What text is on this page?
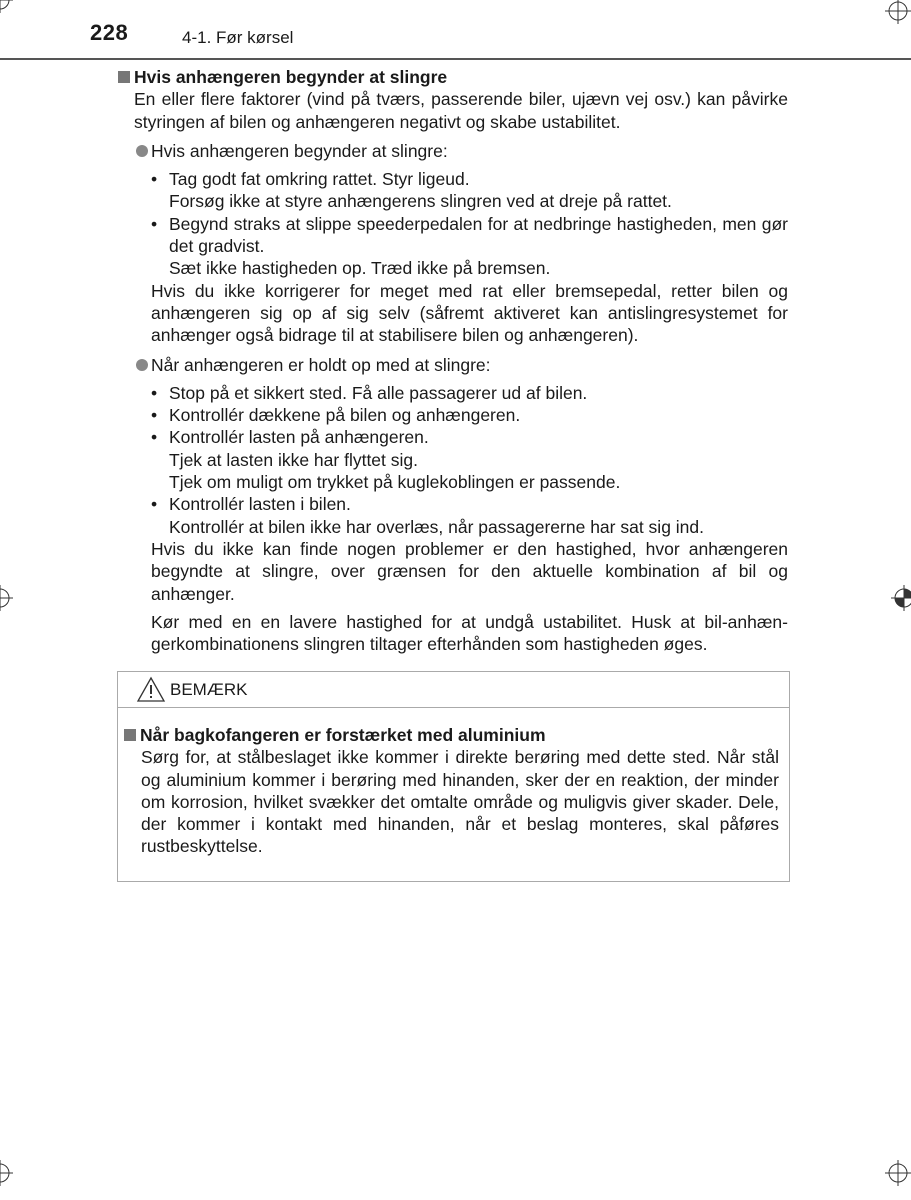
228	4-1. Før kørsel
Hvis anhængeren begynder at slingre
En eller flere faktorer (vind på tværs, passerende biler, ujævn vej osv.) kan påvirke styringen af bilen og anhængeren negativt og skabe ustabilitet.
Hvis anhængeren begynder at slingre:
• Tag godt fat omkring rattet. Styr ligeud.
Forsøg ikke at styre anhængerens slingren ved at dreje på rattet.
• Begynd straks at slippe speederpedalen for at nedbringe hastigheden, men gør det gradvist.
Sæt ikke hastigheden op. Træd ikke på bremsen.
Hvis du ikke korrigerer for meget med rat eller bremsepedal, retter bilen og anhængeren sig op af sig selv (såfremt aktiveret kan antislingresystemet for anhænger også bidrage til at stabilisere bilen og anhængeren).
Når anhængeren er holdt op med at slingre:
• Stop på et sikkert sted. Få alle passagerer ud af bilen.
• Kontrollér dækkene på bilen og anhængeren.
• Kontrollér lasten på anhængeren.
Tjek at lasten ikke har flyttet sig.
Tjek om muligt om trykket på kuglekoblingen er passende.
• Kontrollér lasten i bilen.
Kontrollér at bilen ikke har overlæs, når passagererne har sat sig ind.
Hvis du ikke kan finde nogen problemer er den hastighed, hvor anhængeren begyndte at slingre, over grænsen for den aktuelle kombination af bil og anhænger.
Kør med en en lavere hastighed for at undgå ustabilitet. Husk at bil-anhæn-gerkombinationens slingren tiltager efterhånden som hastigheden øges.
BEMÆRK
Når bagkofangeren er forstærket med aluminium
Sørg for, at stålbeslaget ikke kommer i direkte berøring med dette sted. Når stål og aluminium kommer i berøring med hinanden, sker der en reaktion, der minder om korrosion, hvilket svækker det omtalte område og muligvis giver skader. Dele, der kommer i kontakt med hinanden, når et beslag monteres, skal påføres rustbeskyttelse.
